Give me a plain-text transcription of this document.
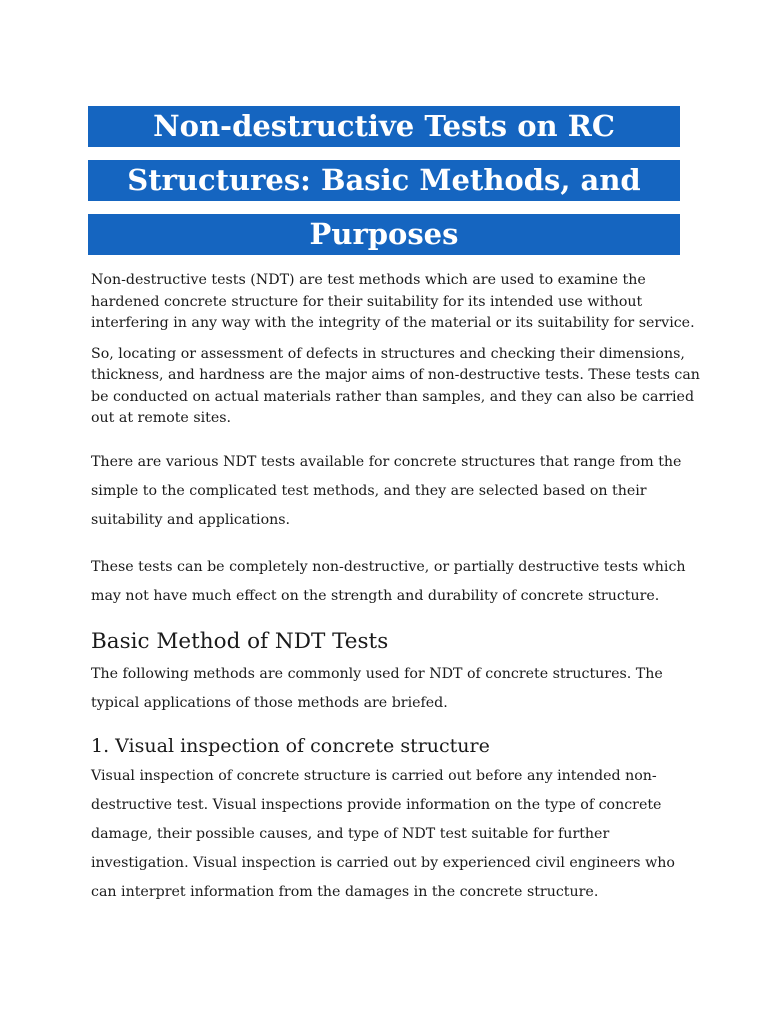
Non-destructive Tests on RC
Structures: Basic Methods, and
Purposes

Non-destructive tests (NDT) are test methods which are used to examine the
hardened concrete structure for their suitability for its intended use without
interfering in any way with the integrity of the material or its suitability for service.

So, locating or assessment of defects in structures and checking their dimensions,
thickness, and hardness are the major aims of non-destructive tests. These tests can
be conducted on actual materials rather than samples, and they can also be carried
out at remote sites.

There are various NDT tests available for concrete structures that range from the
simple to the complicated test methods, and they are selected based on their
suitability and applications.

These tests can be completely non-destructive, or partially destructive tests which
may not have much effect on the strength and durability of concrete structure.

Basic Method of NDT Tests

The following methods are commonly used for NDT of concrete structures. The
typical applications of those methods are briefed.

1. Visual inspection of concrete structure

Visual inspection of concrete structure is carried out before any intended non-
destructive test. Visual inspections provide information on the type of concrete
damage, their possible causes, and type of NDT test suitable for further
investigation. Visual inspection is carried out by experienced civil engineers who
can interpret information from the damages in the concrete structure.
